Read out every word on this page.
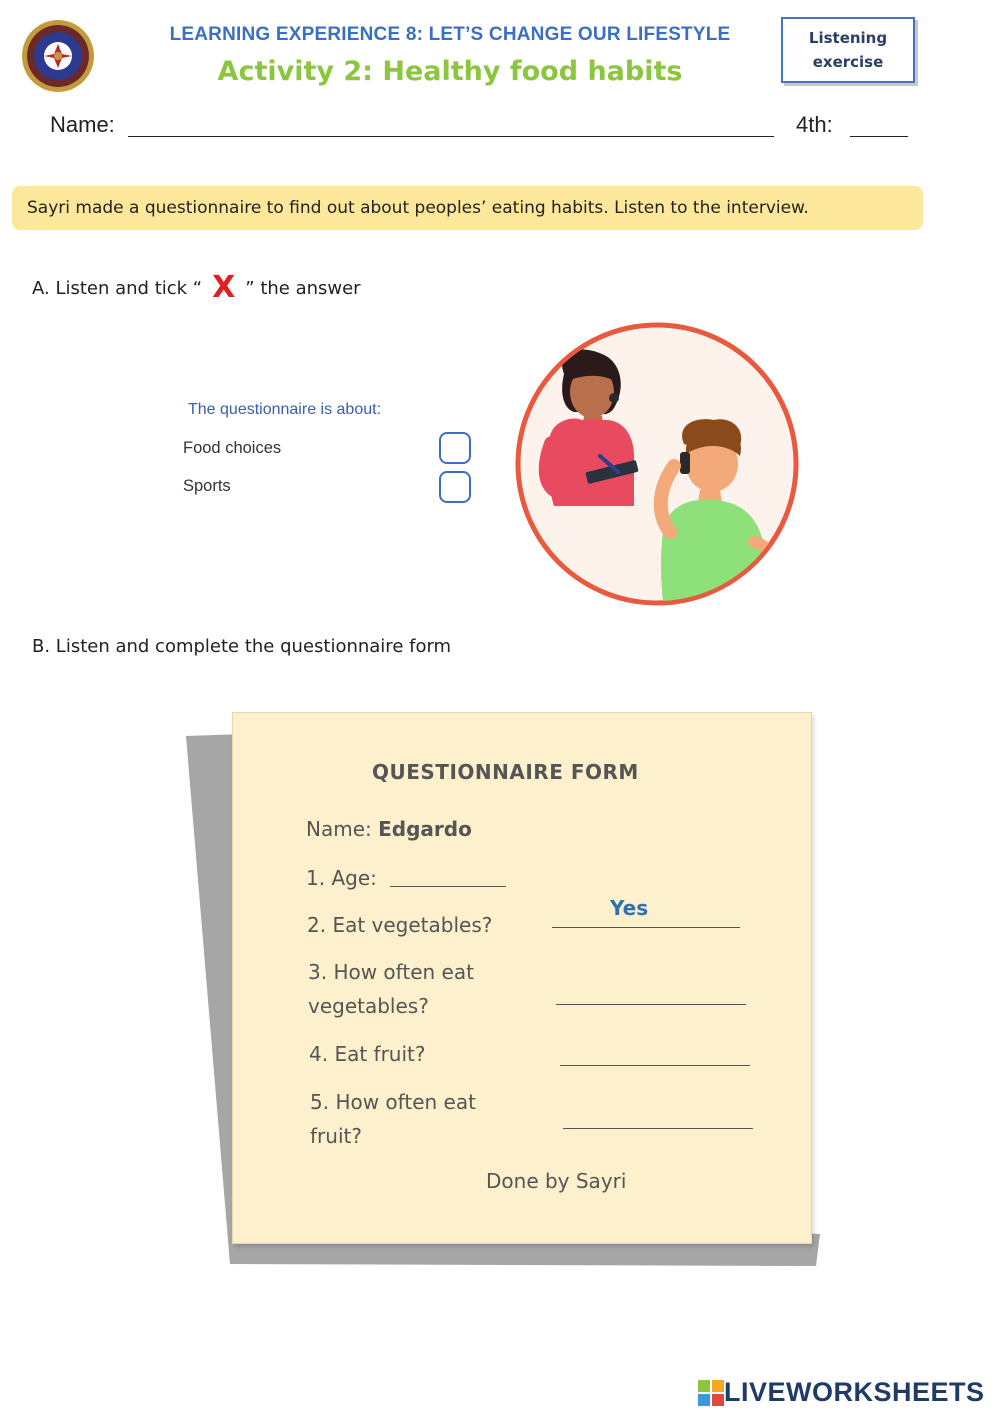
LEARNING EXPERIENCE 8: LET’S CHANGE OUR LIFESTYLE
Activity 2: Healthy food habits
Listening
exercise
Name:	4th:
Sayri made a questionnaire to find out about peoples’ eating habits. Listen to the interview.
A. Listen and tick “ X ” the answer
The questionnaire is about:
Food choices
Sports
B. Listen and complete the questionnaire form
QUESTIONNAIRE FORM
Name: Edgardo
1. Age:
2. Eat vegetables?
Yes
3. How often eat
vegetables?
4. Eat fruit?
5. How often eat
fruit?
Done by Sayri
LIVEWORKSHEETS
